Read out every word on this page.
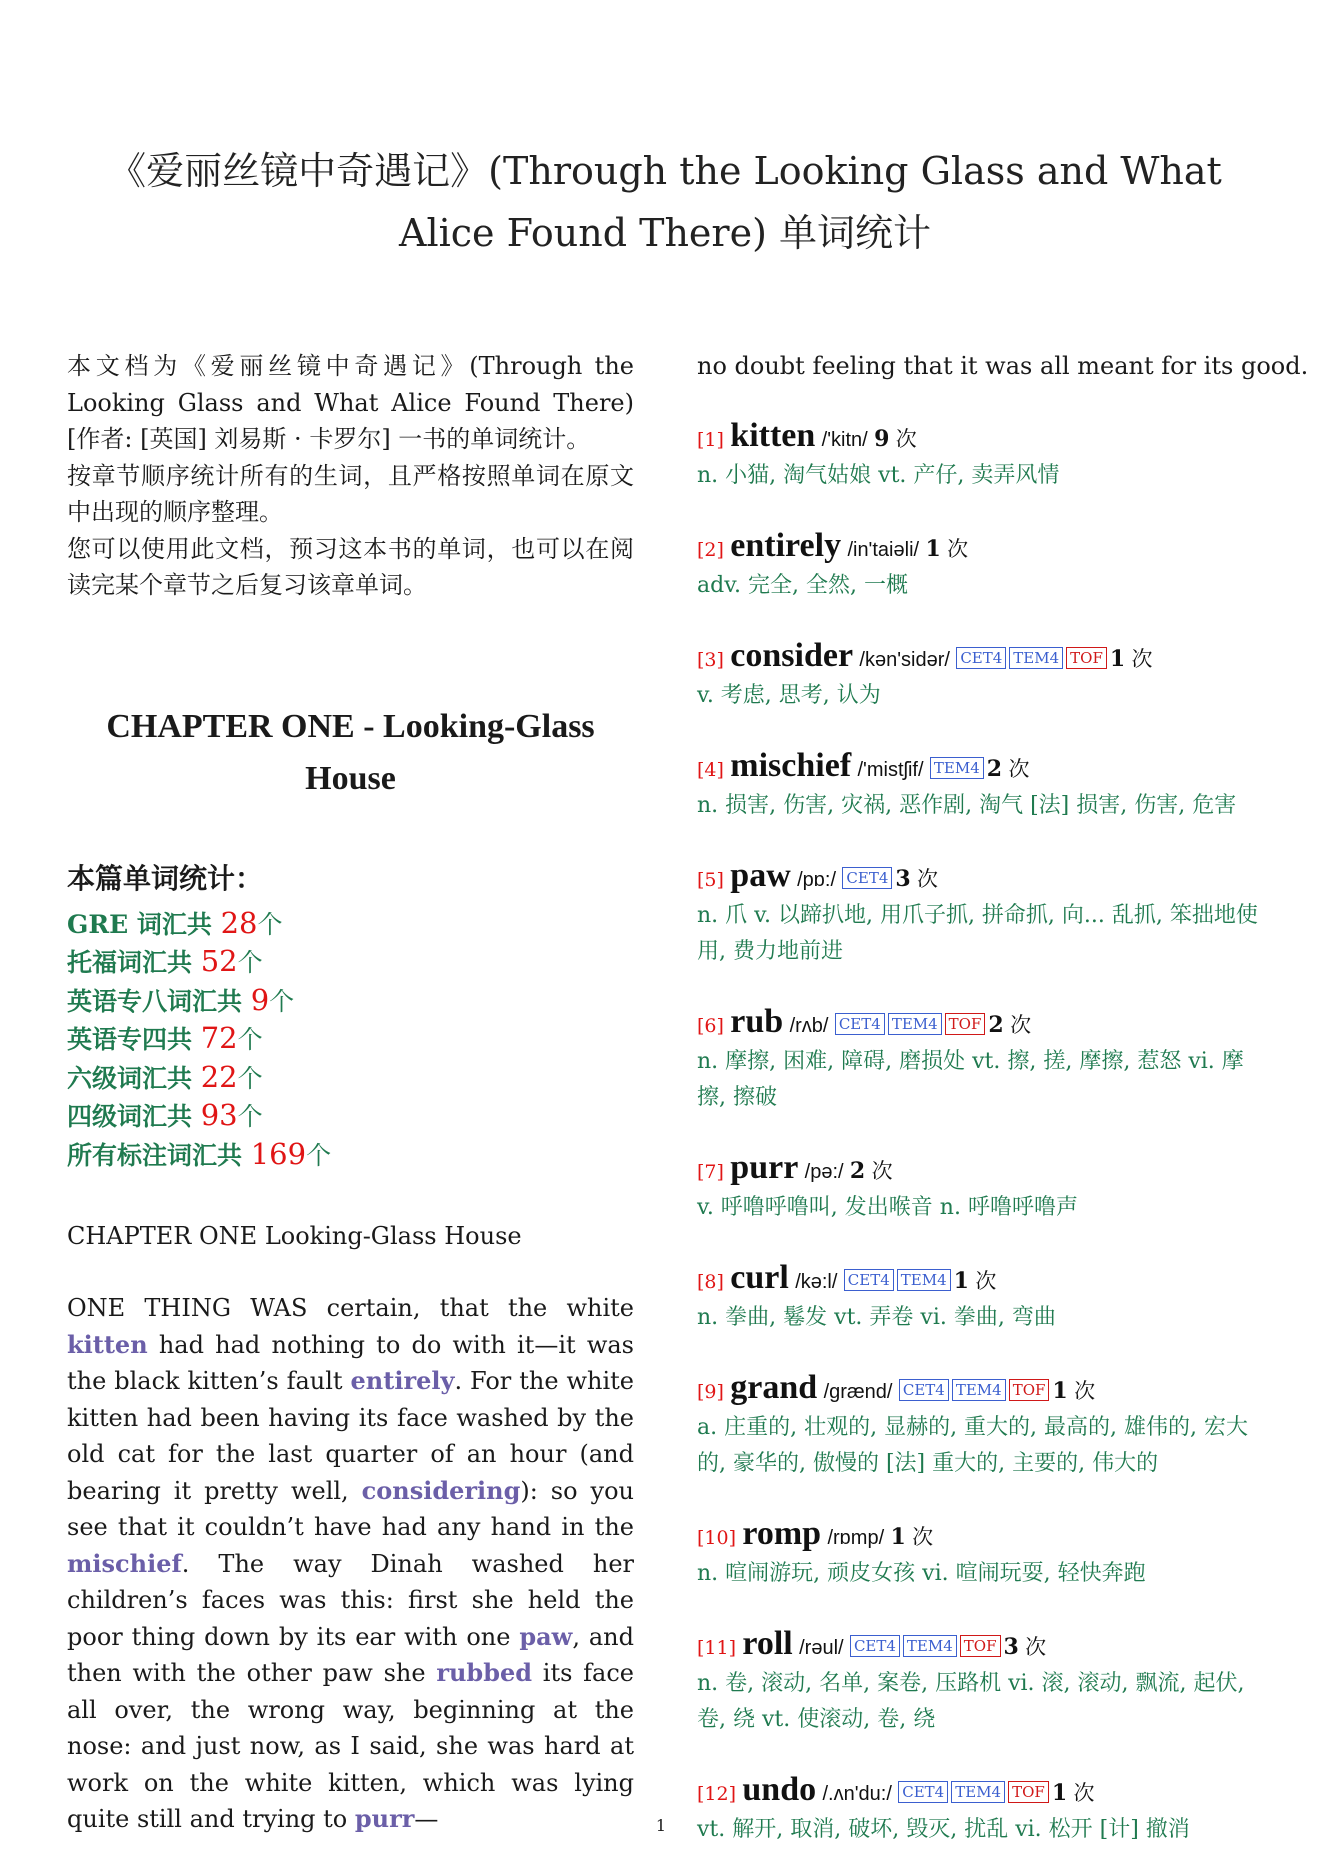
《爱丽丝镜中奇遇记》(Through the Looking Glass and What Alice Found There) 单词统计

本文档为《爱丽丝镜中奇遇记》(Through the Looking Glass and What Alice Found There)[作者: [英国] 刘易斯 · 卡罗尔] 一书的单词统计。
按章节顺序统计所有的生词，且严格按照单词在原文中出现的顺序整理。
您可以使用此文档，预习这本书的单词，也可以在阅读完某个章节之后复习该章单词。

CHAPTER ONE - Looking-Glass House
本篇单词统计：
GRE 词汇共 28个
托福词汇共 52个
英语专八词汇共 9个
英语专四共 72个
六级词汇共 22个
四级词汇共 93个
所有标注词汇共 169个

CHAPTER ONE Looking-Glass House

ONE THING WAS certain, that the white kitten had had nothing to do with it—it was the black kitten’s fault entirely. For the white kitten had been having its face washed by the old cat for the last quarter of an hour (and bearing it pretty well, considering): so you see that it couldn’t have had any hand in the mischief. The way Dinah washed her children’s faces was this: first she held the poor thing down by its ear with one paw, and then with the other paw she rubbed its face all over, the wrong way, beginning at the nose: and just now, as I said, she was hard at work on the white kitten, which was lying quite still and trying to purr—

no doubt feeling that it was all meant for its good.

[1] kitten /'kitn/ 9 次

n. 小猫, 淘气姑娘 vt. 产仔, 卖弄风情

[2] entirely /in'taiəli/ 1 次

adv. 完全, 全然, 一概

[3] consider /kən'sidər/ CET4 TEM4 TOF 1 次

v. 考虑, 思考, 认为

[4] mischief /'mistʃif/ TEM4 2 次

n. 损害, 伤害, 灾祸, 恶作剧, 淘气 [法] 损害, 伤害, 危害

[5] paw /pɒ:/ CET4 3 次

n. 爪 v. 以蹄扒地, 用爪子抓, 拼命抓, 向... 乱抓, 笨拙地使用, 费力地前进

[6] rub /rʌb/ CET4 TEM4 TOF 2 次

n. 摩擦, 困难, 障碍, 磨损处 vt. 擦, 搓, 摩擦, 惹怒 vi. 摩擦, 擦破

[7] purr /pə:/ 2 次

v. 呼噜呼噜叫, 发出喉音 n. 呼噜呼噜声

[8] curl /kə:l/ CET4 TEM4 1 次

n. 拳曲, 鬈发 vt. 弄卷 vi. 拳曲, 弯曲

[9] grand /grænd/ CET4 TEM4 TOF 1 次

a. 庄重的, 壮观的, 显赫的, 重大的, 最高的, 雄伟的, 宏大的, 豪华的, 傲慢的 [法] 重大的, 主要的, 伟大的

[10] romp /rɒmp/ 1 次

n. 喧闹游玩, 顽皮女孩 vi. 喧闹玩耍, 轻快奔跑

[11] roll /rəul/ CET4 TEM4 TOF 3 次

n. 卷, 滚动, 名单, 案卷, 压路机 vi. 滚, 滚动, 飘流, 起伏, 卷, 绕 vt. 使滚动, 卷, 绕

[12] undo /.ʌn'du:/ CET4 TEM4 TOF 1 次

vt. 解开, 取消, 破坏, 毁灭, 扰乱 vi. 松开 [计] 撤消

1
